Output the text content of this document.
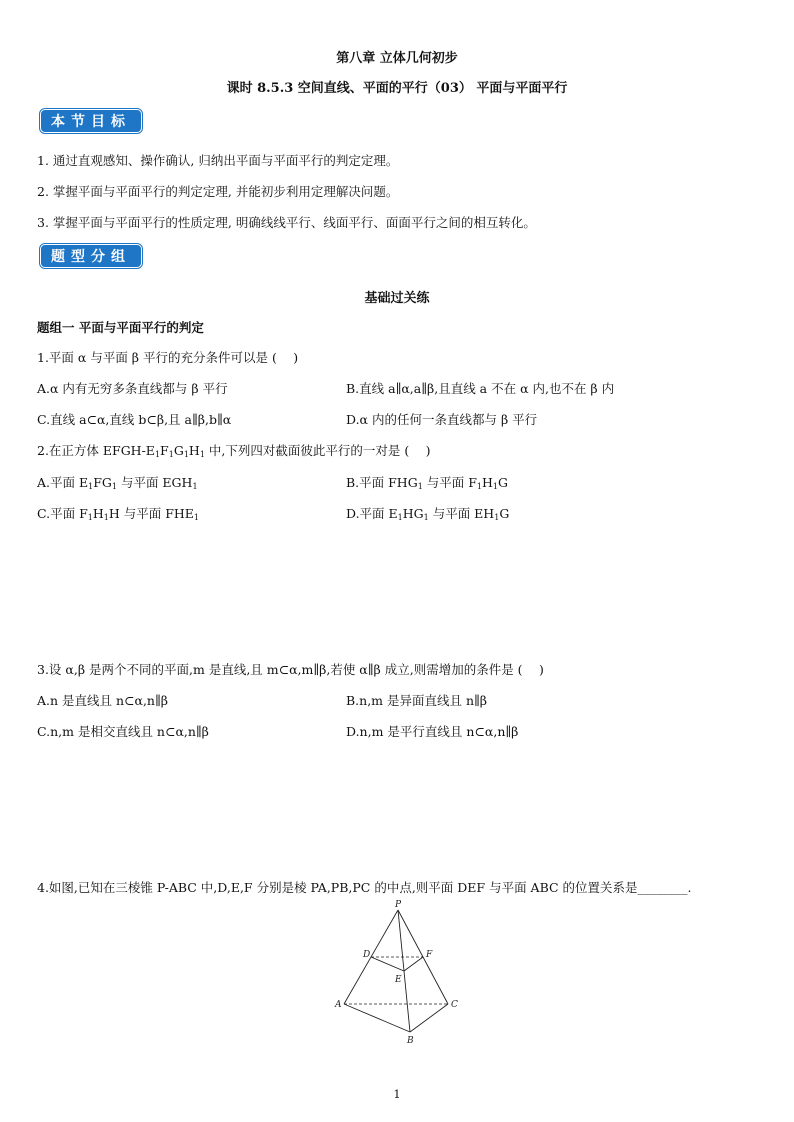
第八章 立体几何初步
课时 8.5.3 空间直线、平面的平行（03） 平面与平面平行
本节目标
1. 通过直观感知、操作确认, 归纳出平面与平面平行的判定定理。
2. 掌握平面与平面平行的判定定理, 并能初步利用定理解决问题。
3. 掌握平面与平面平行的性质定理, 明确线线平行、线面平行、面面平行之间的相互转化。
题型分组
基础过关练
题组一 平面与平面平行的判定
1.平面 α 与平面 β 平行的充分条件可以是 (　 )
A.α 内有无穷多条直线都与 β 平行	B.直线 a∥α,a∥β,且直线 a 不在 α 内,也不在 β 内
C.直线 a⊂α,直线 b⊂β,且 a∥β,b∥α	D.α 内的任何一条直线都与 β 平行
2.在正方体 EFGH-$E_1F_1G_1H_1$ 中,下列四对截面彼此平行的一对是 (　 )
A.平面 $E_1FG_1$ 与平面 $EGH_1$	B.平面 $FHG_1$ 与平面 $F_1H_1G$
C.平面 $F_1H_1H$ 与平面 $FHE_1$	D.平面 $E_1HG_1$ 与平面 $EH_1G$
3.设 α,β 是两个不同的平面,m 是直线,且 m⊂α,m∥β,若使 α∥β 成立,则需增加的条件是 (　 )
A.n 是直线且 n⊂α,n∥β	B.n,m 是异面直线且 n∥β
C.n,m 是相交直线且 n⊂α,n∥β	D.n,m 是平行直线且 n⊂α,n∥β
4.如图,已知在三棱锥 P-ABC 中,D,E,F 分别是棱 PA,PB,PC 的中点,则平面 DEF 与平面 ABC 的位置关系是________.
P
D	F
E
A	C
B
1
